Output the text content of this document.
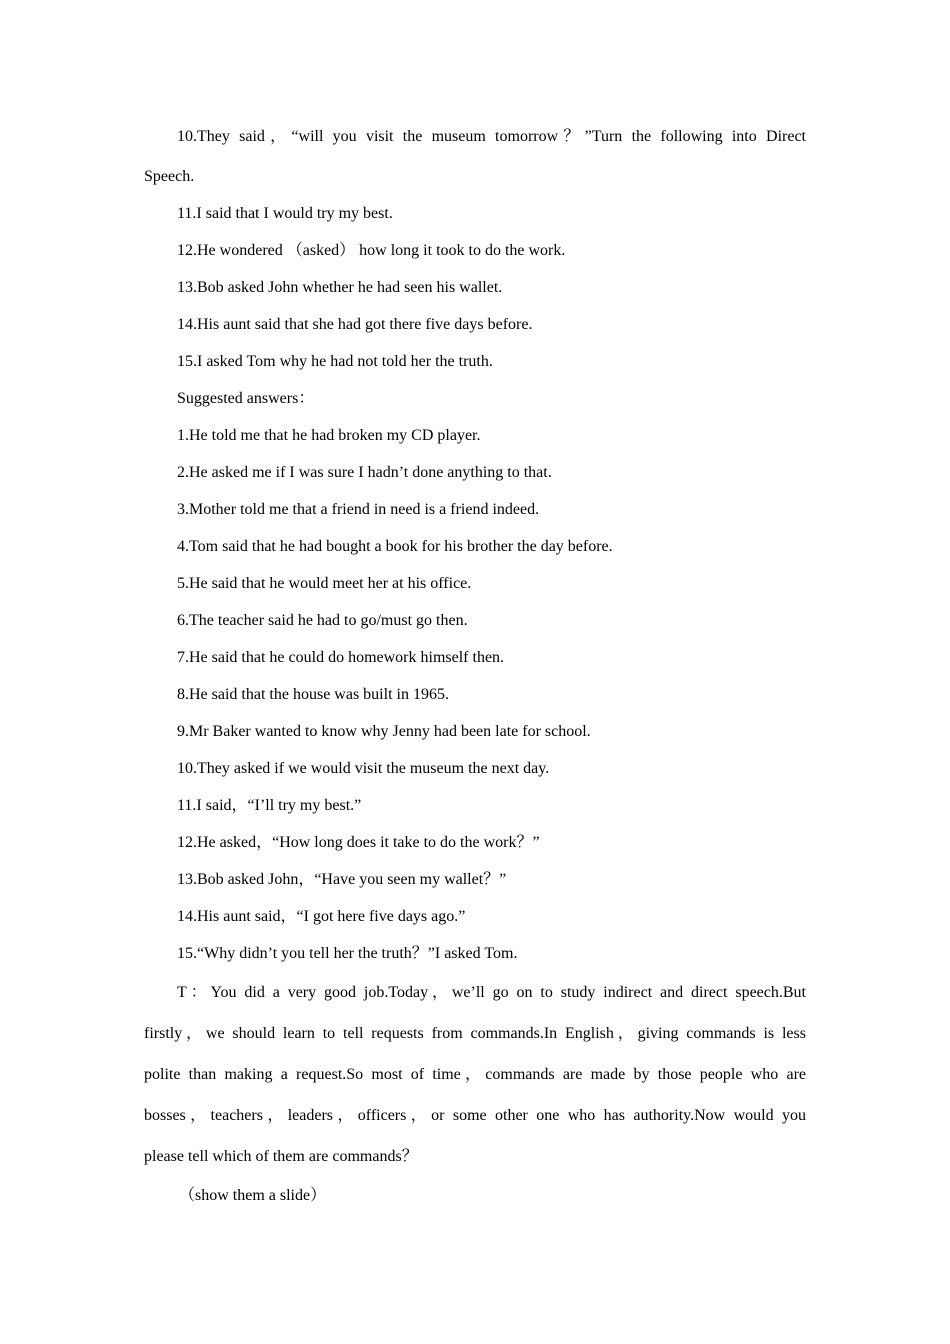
10.They said，“will you visit the museum tomorrow？”Turn the following into Direct
Speech.
11.I said that I would try my best.
12.He wondered （asked） how long it took to do the work.
13.Bob asked John whether he had seen his wallet.
14.His aunt said that she had got there five days before.
15.I asked Tom why he had not told her the truth.
Suggested answers：
1.He told me that he had broken my CD player.
2.He asked me if I was sure I hadn’t done anything to that.
3.Mother told me that a friend in need is a friend indeed.
4.Tom said that he had bought a book for his brother the day before.
5.He said that he would meet her at his office.
6.The teacher said he had to go/must go then.
7.He said that he could do homework himself then.
8.He said that the house was built in 1965.
9.Mr Baker wanted to know why Jenny had been late for school.
10.They asked if we would visit the museum the next day.
11.I said，“I’ll try my best.”
12.He asked，“How long does it take to do the work？”
13.Bob asked John，“Have you seen my wallet？”
14.His aunt said，“I got here five days ago.”
15.“Why didn’t you tell her the truth？”I asked Tom.
T：You did a very good job.Today，we’ll go on to study indirect and direct speech.But
firstly，we should learn to tell requests from commands.In English，giving commands is less
polite than making a request.So most of time，commands are made by those people who are
bosses，teachers，leaders，officers，or some other one who has authority.Now would you
please tell which of them are commands？
（show them a slide）
